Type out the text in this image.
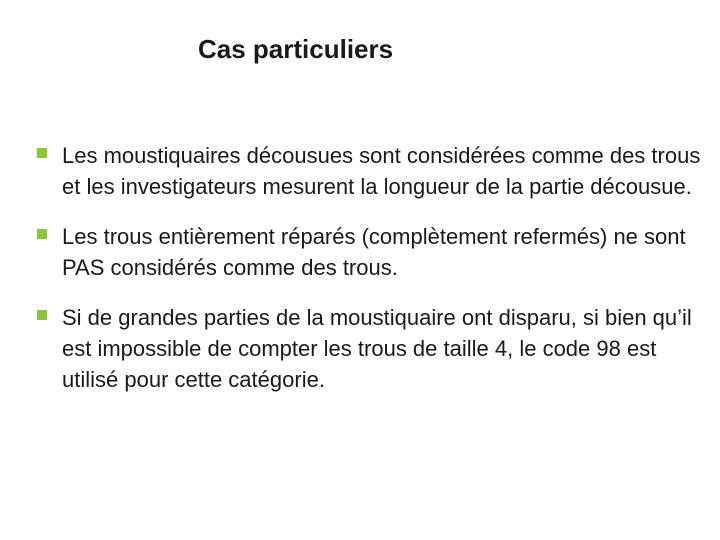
Cas particuliers
Les moustiquaires décousues sont considérées comme des trous et les investigateurs mesurent la longueur de la partie décousue.
Les trous entièrement réparés (complètement refermés) ne sont PAS considérés comme des trous.
Si de grandes parties de la moustiquaire ont disparu, si bien qu’il est impossible de compter les trous de taille 4, le code 98 est utilisé pour cette catégorie.
